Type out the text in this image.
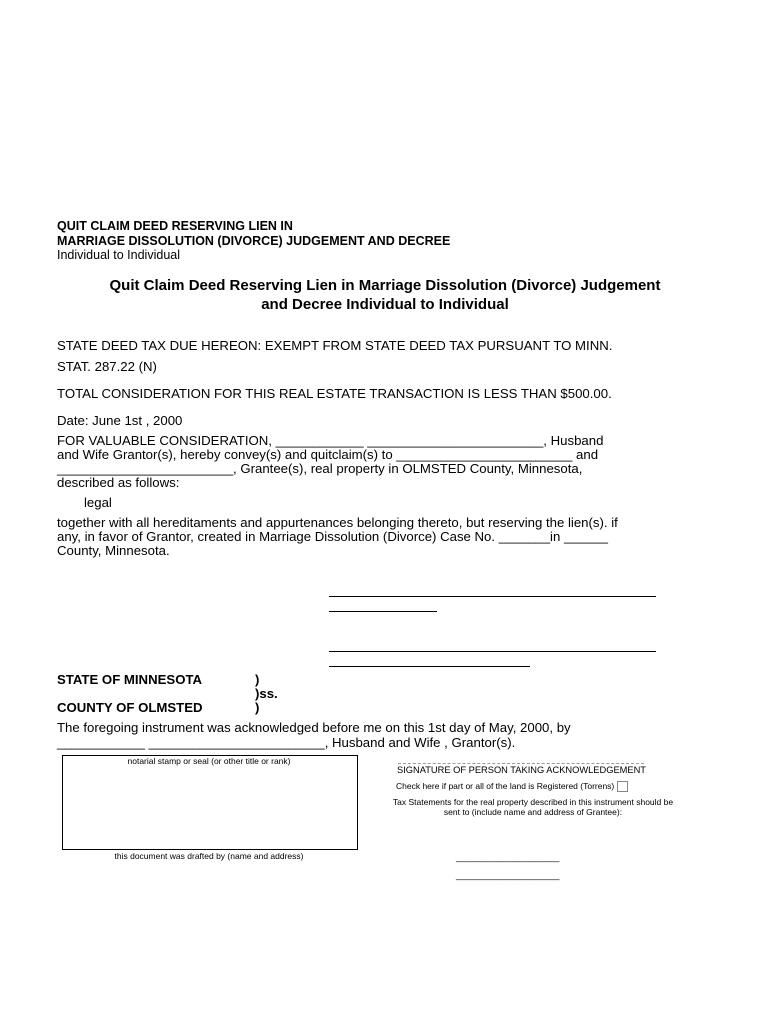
QUIT CLAIM DEED RESERVING LIEN IN
MARRIAGE DISSOLUTION (DIVORCE) JUDGEMENT AND DECREE
Individual to Individual
Quit Claim Deed Reserving Lien in Marriage Dissolution (Divorce) Judgement
and Decree Individual to Individual
STATE DEED TAX DUE HEREON: EXEMPT FROM STATE DEED TAX PURSUANT TO MINN.
STAT. 287.22 (N)
TOTAL CONSIDERATION FOR THIS REAL ESTATE TRANSACTION IS LESS THAN $500.00.
Date: June 1st , 2000
FOR VALUABLE CONSIDERATION, ____________ ________________________, Husband
and Wife Grantor(s), hereby convey(s) and quitclaim(s) to ________________________ and
________________________, Grantee(s), real property in OLMSTED County, Minnesota,
described as follows:
legal
together with all hereditaments and appurtenances belonging thereto, but reserving the lien(s). if
any, in favor of Grantor, created in Marriage Dissolution (Divorce) Case No. _______in ______
County, Minnesota.
STATE OF MINNESOTA	)
)ss.
COUNTY OF OLMSTED	)
The foregoing instrument was acknowledged before me on this 1st day of May, 2000, by
____________ ________________________, Husband and Wife , Grantor(s).
notarial stamp or seal (or other title or rank)
SIGNATURE OF PERSON TAKING ACKNOWLEDGEMENT
Check here if part or all of the land is Registered (Torrens)
Tax Statements for the real property described in this instrument should be
sent to (include name and address of Grantee):
this document was drafted by (name and address)	____________________
____________________
